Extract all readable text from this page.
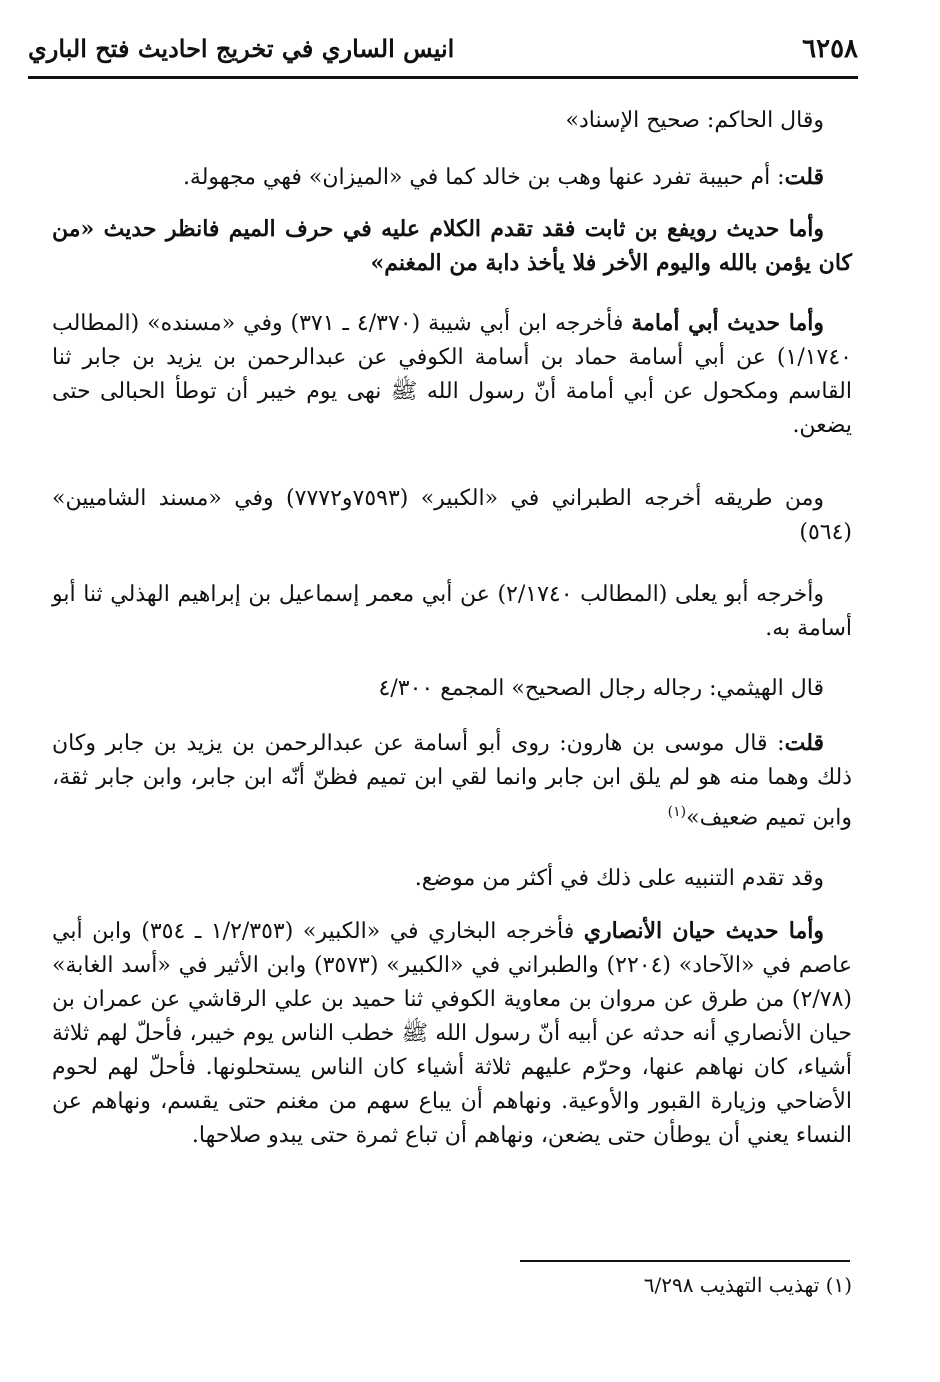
٦٢٥٨
انيس الساري في تخريج احاديث فتح الباري
وقال الحاكم: صحيح الإسناد»
قلت: أم حبيبة تفرد عنها وهب بن خالد كما في «الميزان» فهي مجهولة.
وأما حديث رويفع بن ثابت فقد تقدم الكلام عليه في حرف الميم فانظر حديث «من كان يؤمن بالله واليوم الأخر فلا يأخذ دابة من المغنم»
وأما حديث أبي أمامة فأخرجه ابن أبي شيبة (٤/٣٧٠ ـ ٣٧١) وفي «مسنده» (المطالب ١/١٧٤٠) عن أبي أسامة حماد بن أسامة الكوفي عن عبدالرحمن بن يزيد بن جابر ثنا القاسم ومكحول عن أبي أمامة أنّ رسول الله ﷺ نهى يوم خيبر أن توطأ الحبالى حتى يضعن.
ومن طريقه أخرجه الطبراني في «الكبير» (٧٥٩٣و٧٧٧٢) وفي «مسند الشاميين» (٥٦٤)
وأخرجه أبو يعلى (المطالب ٢/١٧٤٠) عن أبي معمر إسماعيل بن إبراهيم الهذلي ثنا أبو أسامة به.
قال الهيثمي: رجاله رجال الصحيح» المجمع ٤/٣٠٠
قلت: قال موسى بن هارون: روى أبو أسامة عن عبدالرحمن بن يزيد بن جابر وكان ذلك وهما منه هو لم يلق ابن جابر وانما لقي ابن تميم فظنّ أنّه ابن جابر، وابن جابر ثقة، وابن تميم ضعيف»$^{(١)}$
وقد تقدم التنبيه على ذلك في أكثر من موضع.
وأما حديث حيان الأنصاري فأخرجه البخاري في «الكبير» (١/٢/٣٥٣ ـ ٣٥٤) وابن أبي عاصم في «الآحاد» (٢٢٠٤) والطبراني في «الكبير» (٣٥٧٣) وابن الأثير في «أسد الغابة» (٢/٧٨) من طرق عن مروان بن معاوية الكوفي ثنا حميد بن علي الرقاشي عن عمران بن حيان الأنصاري أنه حدثه عن أبيه أنّ رسول الله ﷺ خطب الناس يوم خيبر، فأحلّ لهم ثلاثة أشياء، كان نهاهم عنها، وحرّم عليهم ثلاثة أشياء كان الناس يستحلونها. فأحلّ لهم لحوم الأضاحي وزيارة القبور والأوعية. ونهاهم أن يباع سهم من مغنم حتى يقسم، ونهاهم عن النساء يعني أن يوطأن حتى يضعن، ونهاهم أن تباع ثمرة حتى يبدو صلاحها.
(١) تهذيب التهذيب ٦/٢٩٨
